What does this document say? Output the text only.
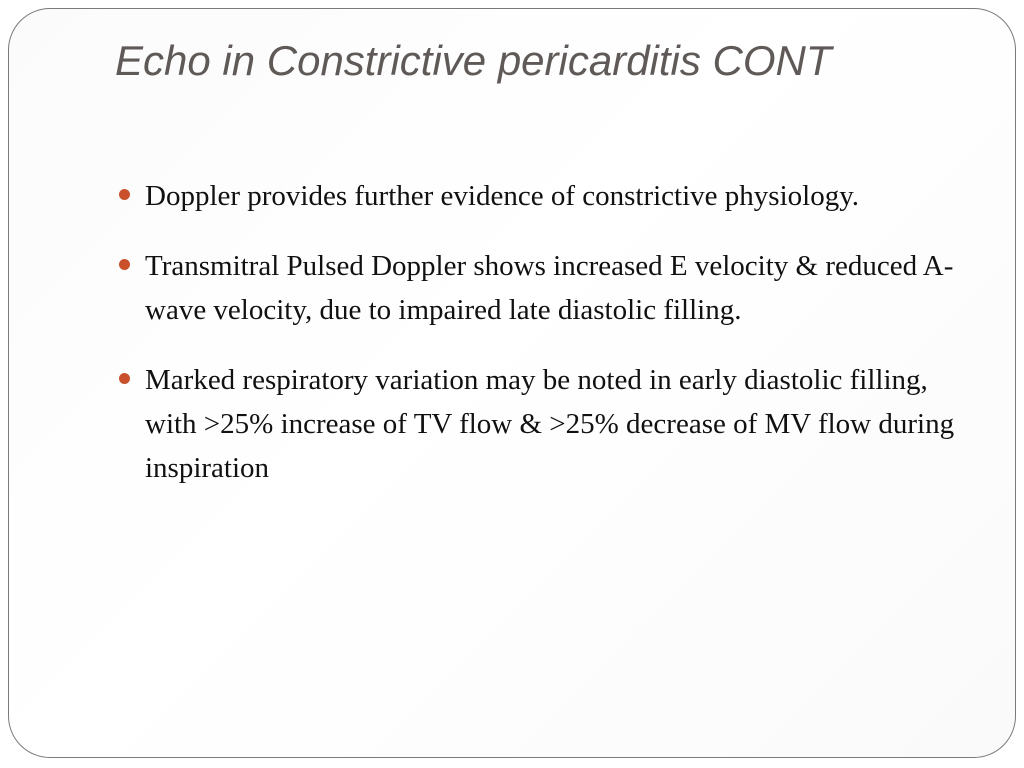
Echo in Constrictive pericarditis CONT
Doppler provides further evidence of constrictive physiology.
Transmitral Pulsed Doppler shows increased E velocity & reduced A-wave velocity, due to impaired late diastolic filling.
Marked respiratory variation may be noted in early diastolic filling, with >25% increase of TV flow & >25% decrease of MV flow during inspiration
